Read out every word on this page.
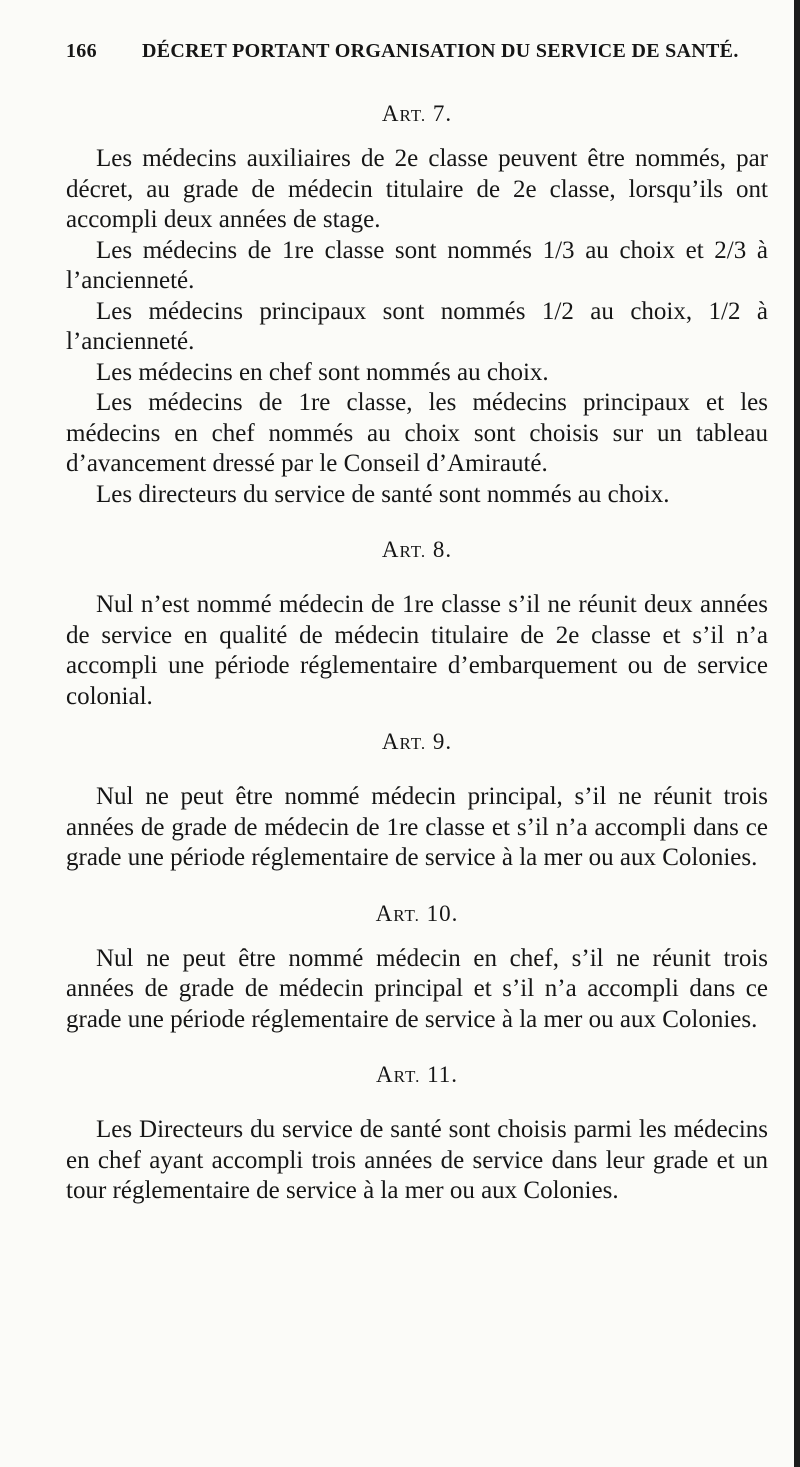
166 DÉCRET PORTANT ORGANISATION DU SERVICE DE SANTÉ.
ART. 7.

Les médecins auxiliaires de 2e classe peuvent être nommés, par décret, au grade de médecin titulaire de 2e classe, lorsqu’ils ont accompli deux années de stage.

Les médecins de 1re classe sont nommés 1/3 au choix et 2/3 à l’ancienneté.

Les médecins principaux sont nommés 1/2 au choix, 1/2 à l’ancienneté.

Les médecins en chef sont nommés au choix.

Les médecins de 1re classe, les médecins principaux et les médecins en chef nommés au choix sont choisis sur un tableau d’avancement dressé par le Conseil d’Amirauté.

Les directeurs du service de santé sont nommés au choix.

ART. 8.

Nul n’est nommé médecin de 1re classe s’il ne réunit deux années de service en qualité de médecin titulaire de 2e classe et s’il n’a accompli une période réglementaire d’embarquement ou de service colonial.

ART. 9.

Nul ne peut être nommé médecin principal, s’il ne réunit trois années de grade de médecin de 1re classe et s’il n’a accompli dans ce grade une période réglementaire de service à la mer ou aux Colonies.

ART. 10.

Nul ne peut être nommé médecin en chef, s’il ne réunit trois années de grade de médecin principal et s’il n’a accompli dans ce grade une période réglementaire de service à la mer ou aux Colonies.

ART. 11.

Les Directeurs du service de santé sont choisis parmi les médecins en chef ayant accompli trois années de service dans leur grade et un tour réglementaire de service à la mer ou aux Colonies.
